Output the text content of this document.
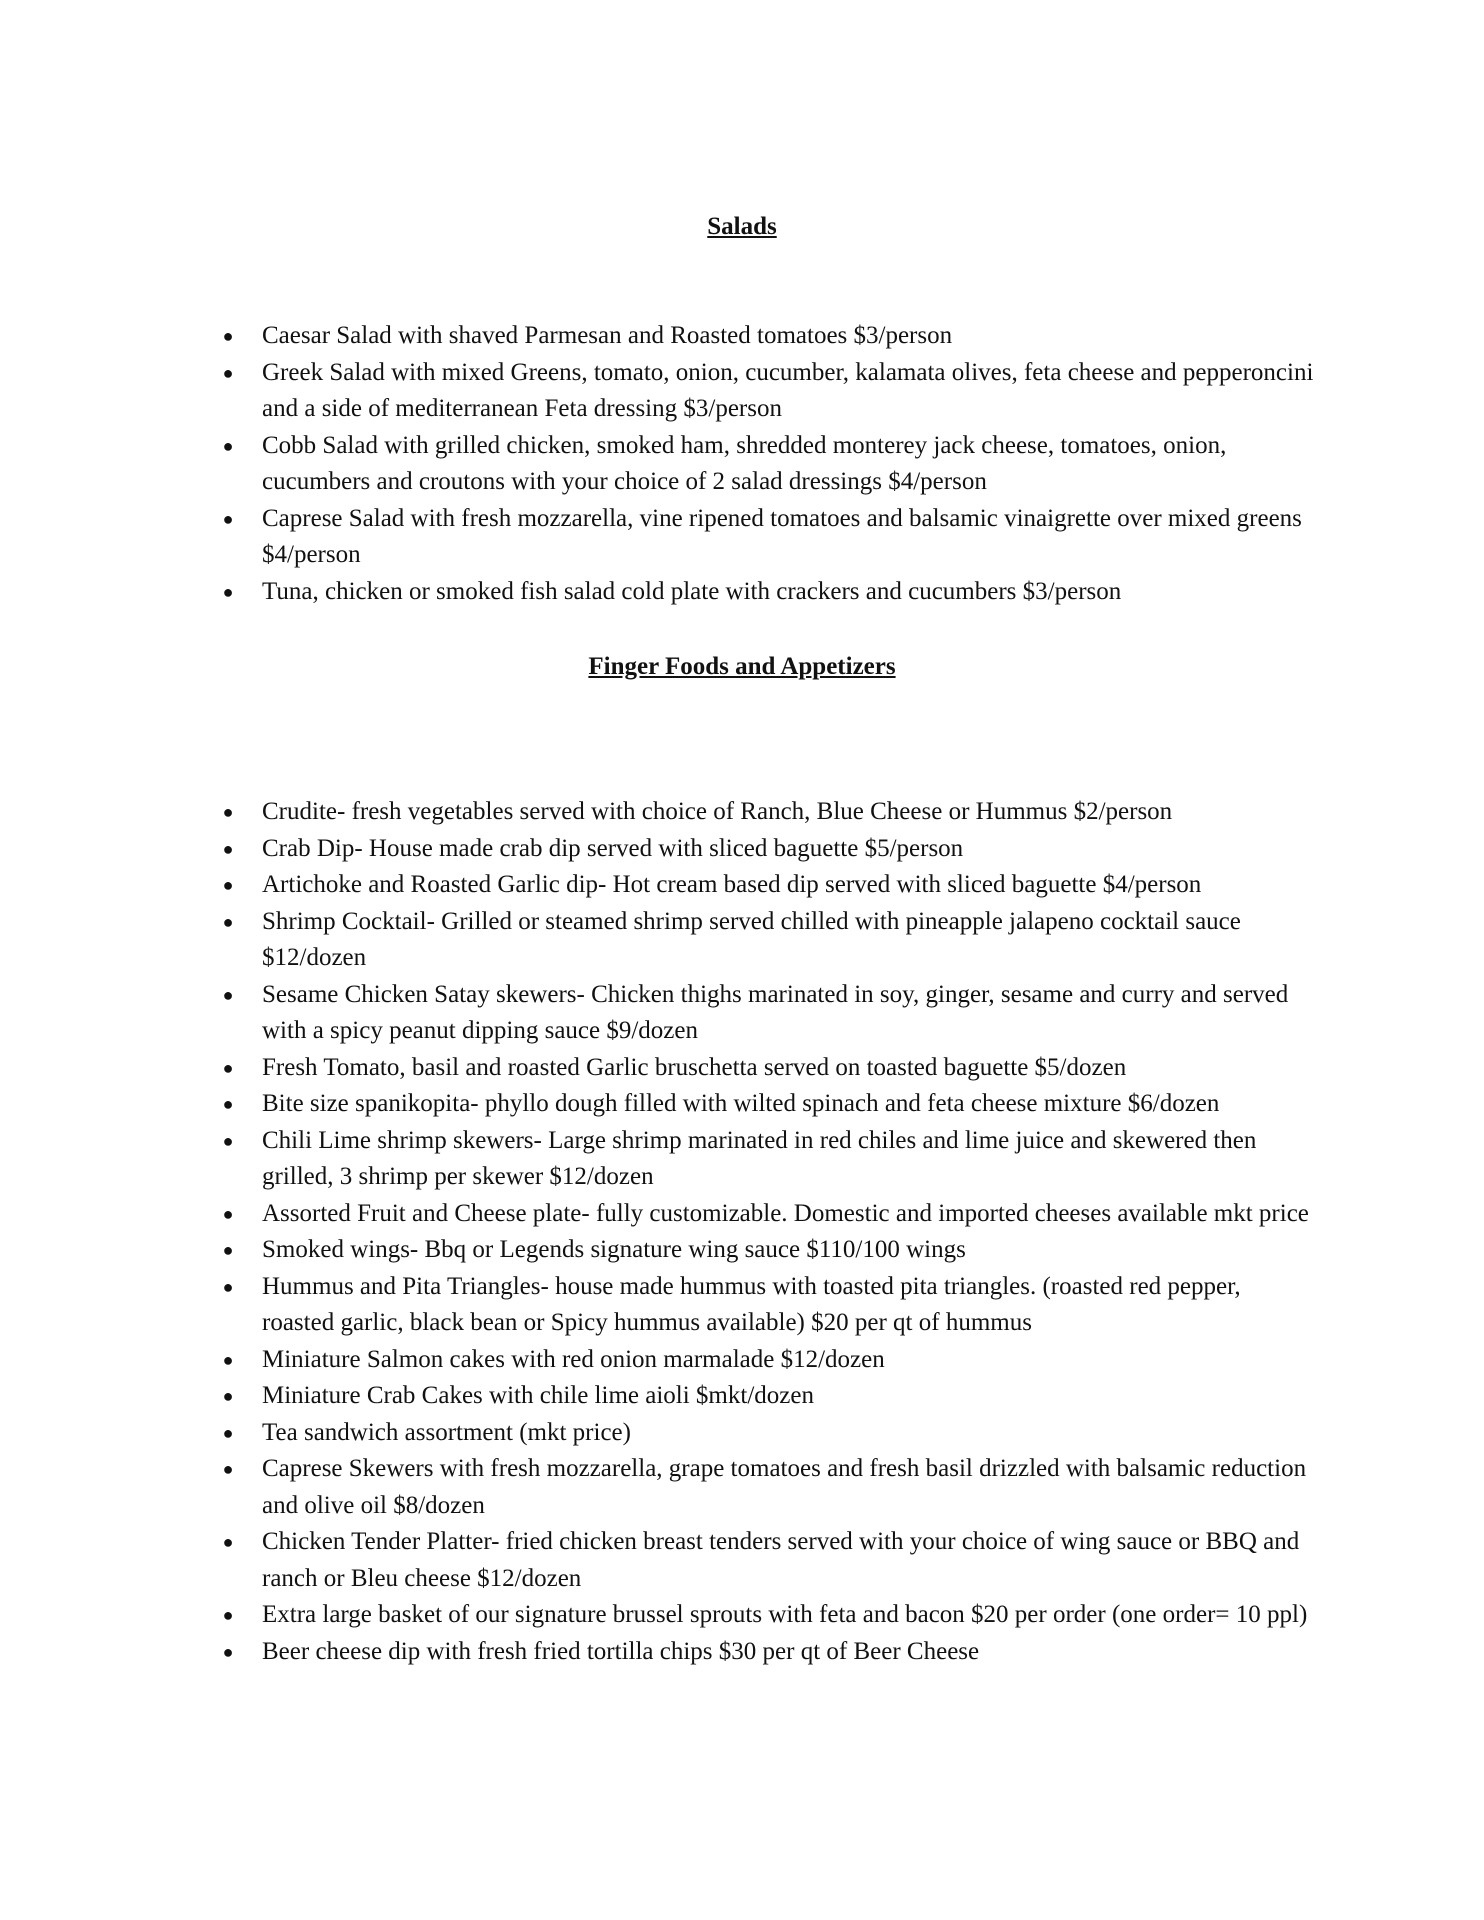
Salads
● Caesar Salad with shaved Parmesan and Roasted tomatoes $3/person
● Greek Salad with mixed Greens, tomato, onion, cucumber, kalamata olives, feta cheese and pepperoncini and a side of mediterranean Feta dressing $3/person
● Cobb Salad with grilled chicken, smoked ham, shredded monterey jack cheese, tomatoes, onion, cucumbers and croutons with your choice of 2 salad dressings $4/person
● Caprese Salad with fresh mozzarella, vine ripened tomatoes and balsamic vinaigrette over mixed greens $4/person
● Tuna, chicken or smoked fish salad cold plate with crackers and cucumbers $3/person
Finger Foods and Appetizers
● Crudite- fresh vegetables served with choice of Ranch, Blue Cheese or Hummus $2/person
● Crab Dip- House made crab dip served with sliced baguette $5/person
● Artichoke and Roasted Garlic dip- Hot cream based dip served with sliced baguette $4/person
● Shrimp Cocktail- Grilled or steamed shrimp served chilled with pineapple jalapeno cocktail sauce $12/dozen
● Sesame Chicken Satay skewers- Chicken thighs marinated in soy, ginger, sesame and curry and served with a spicy peanut dipping sauce $9/dozen
● Fresh Tomato, basil and roasted Garlic bruschetta served on toasted baguette $5/dozen
● Bite size spanikopita- phyllo dough filled with wilted spinach and feta cheese mixture $6/dozen
● Chili Lime shrimp skewers- Large shrimp marinated in red chiles and lime juice and skewered then grilled, 3 shrimp per skewer $12/dozen
● Assorted Fruit and Cheese plate- fully customizable. Domestic and imported cheeses available mkt price
● Smoked wings- Bbq or Legends signature wing sauce $110/100 wings
● Hummus and Pita Triangles- house made hummus with toasted pita triangles. (roasted red pepper, roasted garlic, black bean or Spicy hummus available) $20 per qt of hummus
● Miniature Salmon cakes with red onion marmalade $12/dozen
● Miniature Crab Cakes with chile lime aioli $mkt/dozen
● Tea sandwich assortment (mkt price)
● Caprese Skewers with fresh mozzarella, grape tomatoes and fresh basil drizzled with balsamic reduction and olive oil $8/dozen
● Chicken Tender Platter- fried chicken breast tenders served with your choice of wing sauce or BBQ and ranch or Bleu cheese $12/dozen
● Extra large basket of our signature brussel sprouts with feta and bacon $20 per order (one order= 10 ppl)
● Beer cheese dip with fresh fried tortilla chips $30 per qt of Beer Cheese
